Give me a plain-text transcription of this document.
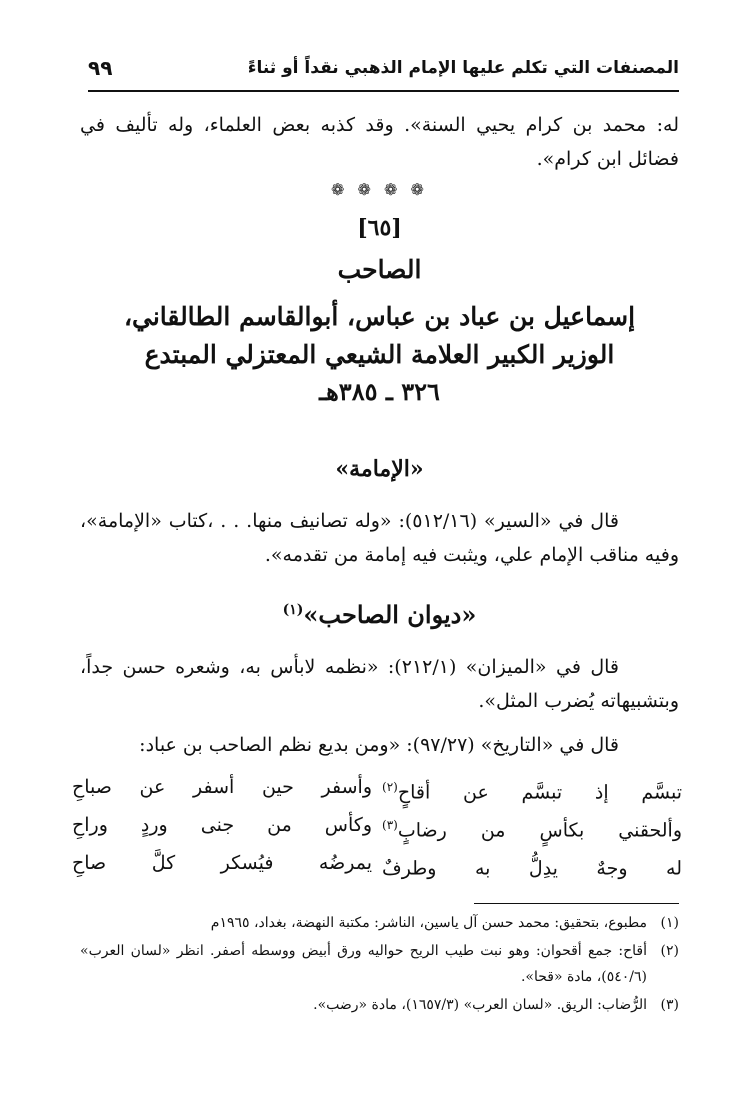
المصنفات التي تكلم عليها الإمام الذهبي نقداً أو ثناءً
٩٩
له: محمد بن كرام يحيي السنة». وقد كذبه بعض العلماء، وله تأليف في فضائل ابن كرام».
❁ ❁ ❁ ❁
[٦٥]
الصاحب
إسماعيل بن عباد بن عباس، أبوالقاسم الطالقاني،
الوزير الكبير العلامة الشيعي المعتزلي المبتدع
٣٢٦ ـ ٣٨٥هـ
«الإمامة»
قال في «السير» (٥١٢/١٦): «وله تصانيف منها. . . ،كتاب «الإمامة»، وفيه مناقب الإمام علي، ويثبت فيه إمامة من تقدمه».
«ديوان الصاحب»$^{(١)}$
قال في «الميزان» (٢١٢/١): «نظمه لابأس به، وشعره حسن جداً، وبتشبيهاته يُضرب المثل».
قال في «التاريخ» (٩٧/٢٧): «ومن بديع نظم الصاحب بن عباد:
تبسَّم إذ تبسَّم عن أقاحٍ$^{(٢)}$
وأسفر حين أسفر عن صباحِ
وألحقني بكأسٍ من رضابٍ$^{(٣)}$
وكأس من جنى وردٍ وراحِ
له وجهٌ يدِلُّ به وطرفٌ
يمرضُه فيُسكر كلَّ صاحِ
(١)
مطبوع، بتحقيق: محمد حسن آل ياسين، الناشر: مكتبة النهضة، بغداد، ١٩٦٥م
(٢)
أقاح: جمع أقحوان: وهو نبت طيب الريح حواليه ورق أبيض ووسطه أصفر. انظر «لسان العرب» (٥٤٠/٦)، مادة «قحا».
(٣)
الرُّضاب: الريق. «لسان العرب» (١٦٥٧/٣)، مادة «رضب».
